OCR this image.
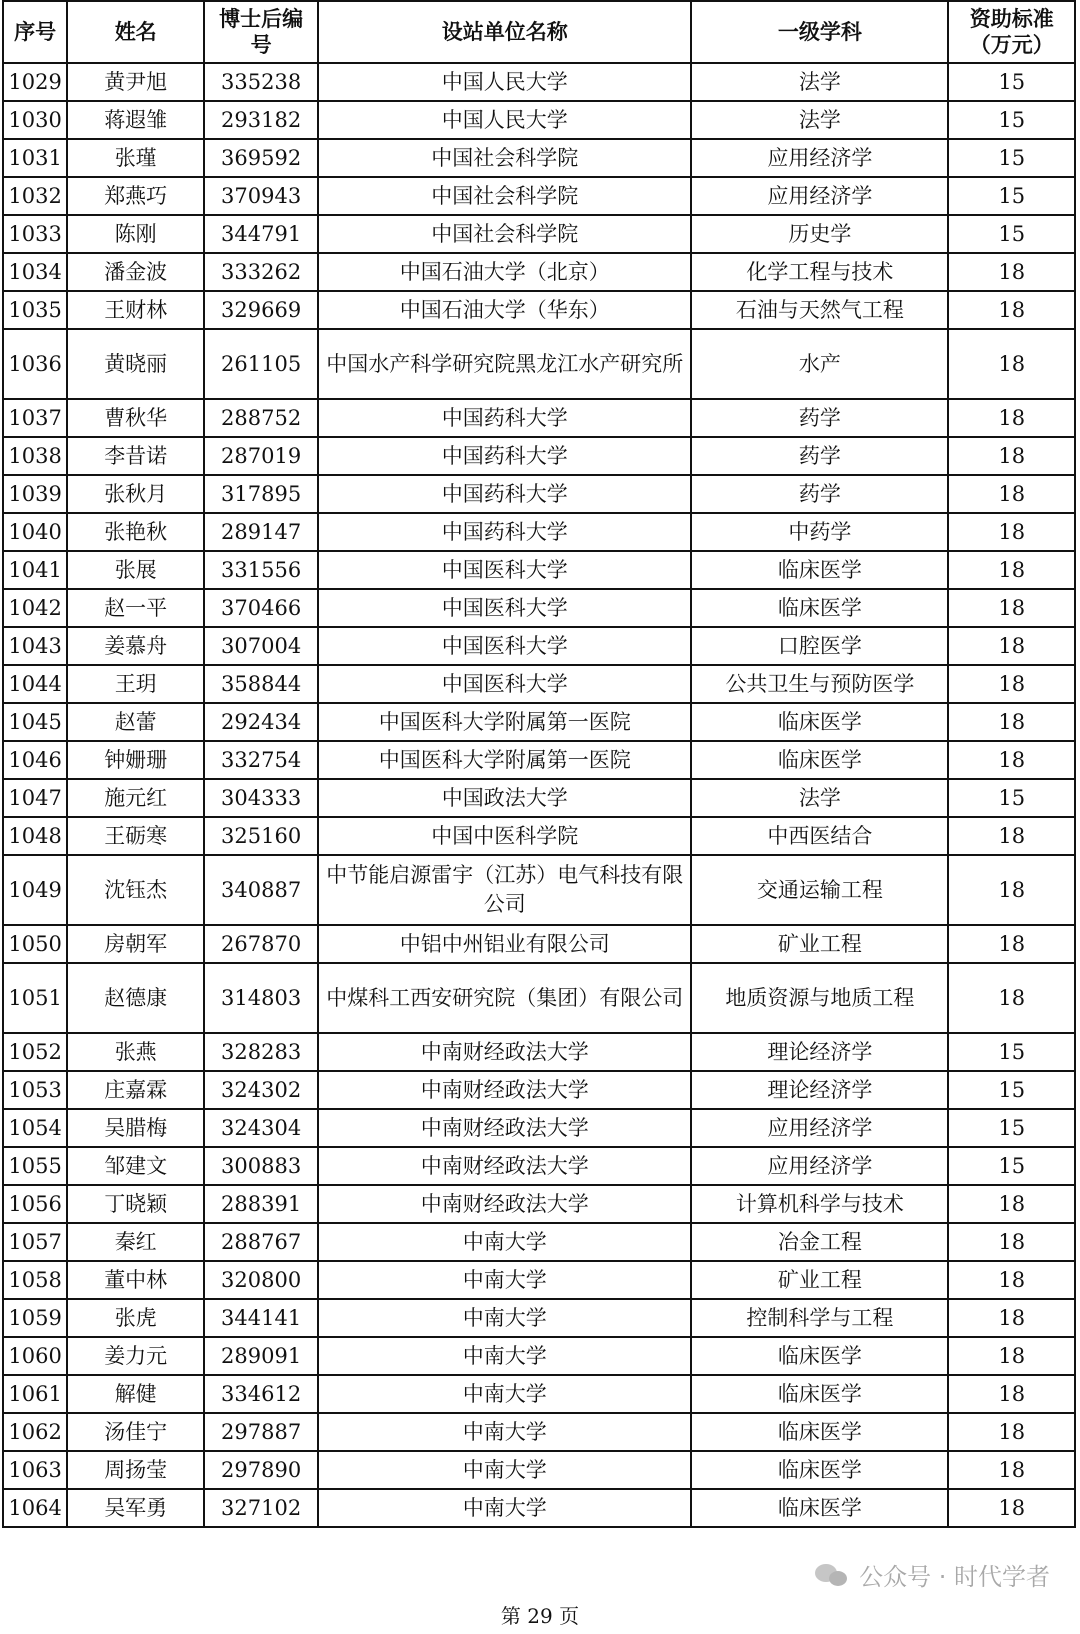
序号	姓名	博士后编号	设站单位名称	一级学科	资助标准（万元）
1029	黄尹旭	335238	中国人民大学	法学	15
1030	蒋遐雏	293182	中国人民大学	法学	15
1031	张瑾	369592	中国社会科学院	应用经济学	15
1032	郑燕巧	370943	中国社会科学院	应用经济学	15
1033	陈刚	344791	中国社会科学院	历史学	15
1034	潘金波	333262	中国石油大学（北京）	化学工程与技术	18
1035	王财林	329669	中国石油大学（华东）	石油与天然气工程	18
1036	黄晓丽	261105	中国水产科学研究院黑龙江水产研究所	水产	18
1037	曹秋华	288752	中国药科大学	药学	18
1038	李昔诺	287019	中国药科大学	药学	18
1039	张秋月	317895	中国药科大学	药学	18
1040	张艳秋	289147	中国药科大学	中药学	18
1041	张展	331556	中国医科大学	临床医学	18
1042	赵一平	370466	中国医科大学	临床医学	18
1043	姜慕舟	307004	中国医科大学	口腔医学	18
1044	王玥	358844	中国医科大学	公共卫生与预防医学	18
1045	赵蕾	292434	中国医科大学附属第一医院	临床医学	18
1046	钟姗珊	332754	中国医科大学附属第一医院	临床医学	18
1047	施元红	304333	中国政法大学	法学	15
1048	王砺寒	325160	中国中医科学院	中西医结合	18
1049	沈钰杰	340887	中节能启源雷宇（江苏）电气科技有限公司	交通运输工程	18
1050	房朝军	267870	中铝中州铝业有限公司	矿业工程	18
1051	赵德康	314803	中煤科工西安研究院（集团）有限公司	地质资源与地质工程	18
1052	张燕	328283	中南财经政法大学	理论经济学	15
1053	庄嘉霖	324302	中南财经政法大学	理论经济学	15
1054	吴腊梅	324304	中南财经政法大学	应用经济学	15
1055	邹建文	300883	中南财经政法大学	应用经济学	15
1056	丁晓颖	288391	中南财经政法大学	计算机科学与技术	18
1057	秦红	288767	中南大学	冶金工程	18
1058	董中林	320800	中南大学	矿业工程	18
1059	张虎	344141	中南大学	控制科学与工程	18
1060	姜力元	289091	中南大学	临床医学	18
1061	解健	334612	中南大学	临床医学	18
1062	汤佳宁	297887	中南大学	临床医学	18
1063	周扬莹	297890	中南大学	临床医学	18
1064	吴军勇	327102	中南大学	临床医学	18
第 29 页
公众号 · 时代学者
